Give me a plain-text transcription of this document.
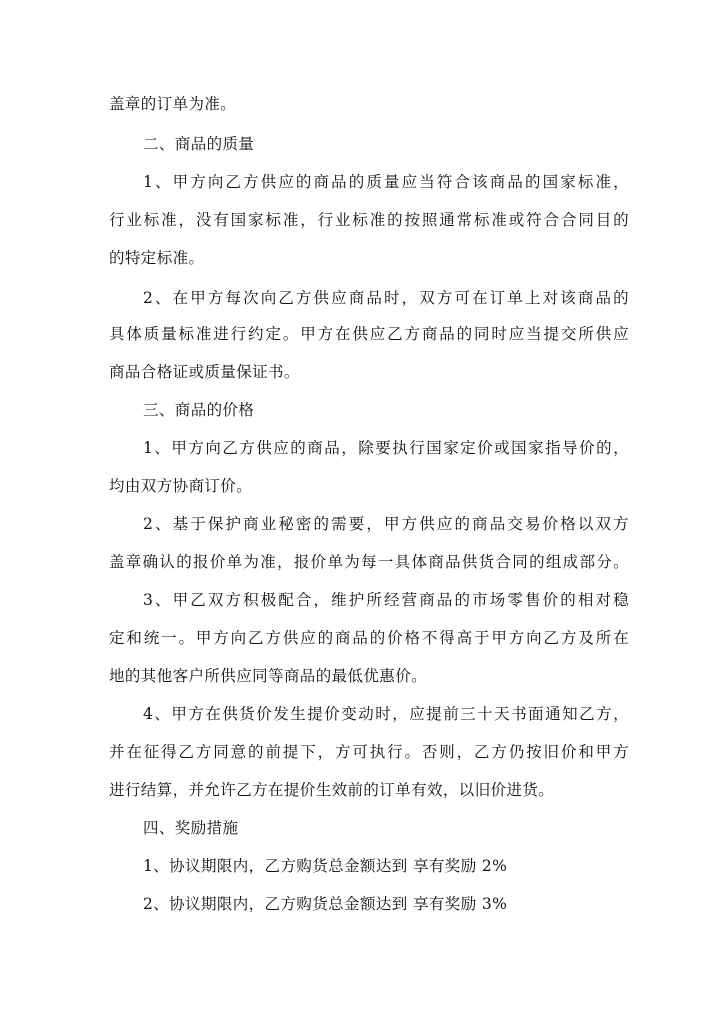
盖章的订单为准。
二、商品的质量
1、甲方向乙方供应的商品的质量应当符合该商品的国家标准，
行业标准，没有国家标准，行业标准的按照通常标准或符合合同目的
的特定标准。
2、在甲方每次向乙方供应商品时，双方可在订单上对该商品的
具体质量标准进行约定。甲方在供应乙方商品的同时应当提交所供应
商品合格证或质量保证书。
三、商品的价格
1、甲方向乙方供应的商品，除要执行国家定价或国家指导价的，
均由双方协商订价。
2、基于保护商业秘密的需要，甲方供应的商品交易价格以双方
盖章确认的报价单为准，报价单为每一具体商品供货合同的组成部分。
3、甲乙双方积极配合，维护所经营商品的市场零售价的相对稳
定和统一。甲方向乙方供应的商品的价格不得高于甲方向乙方及所在
地的其他客户所供应同等商品的最低优惠价。
4、甲方在供货价发生提价变动时，应提前三十天书面通知乙方，
并在征得乙方同意的前提下，方可执行。否则，乙方仍按旧价和甲方
进行结算，并允许乙方在提价生效前的订单有效，以旧价进货。
四、奖励措施
1、协议期限内，乙方购货总金额达到 享有奖励 2%
2、协议期限内，乙方购货总金额达到 享有奖励 3%
